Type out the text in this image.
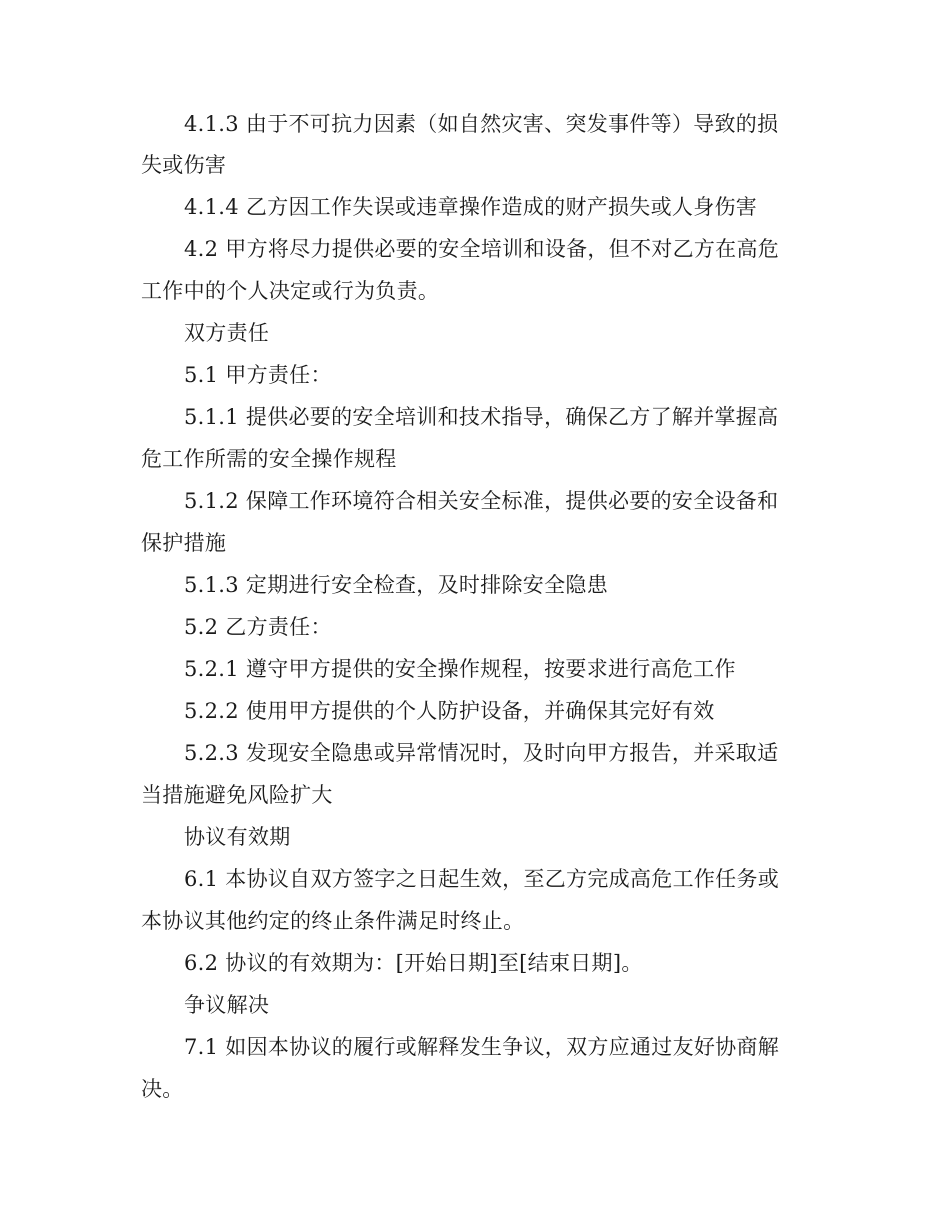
4.1.3 由于不可抗力因素（如自然灾害、突发事件等）导致的损
失或伤害
4.1.4 乙方因工作失误或违章操作造成的财产损失或人身伤害
4.2 甲方将尽力提供必要的安全培训和设备，但不对乙方在高危
工作中的个人决定或行为负责。
双方责任
5.1 甲方责任：
5.1.1 提供必要的安全培训和技术指导，确保乙方了解并掌握高
危工作所需的安全操作规程
5.1.2 保障工作环境符合相关安全标准，提供必要的安全设备和
保护措施
5.1.3 定期进行安全检查，及时排除安全隐患
5.2 乙方责任：
5.2.1 遵守甲方提供的安全操作规程，按要求进行高危工作
5.2.2 使用甲方提供的个人防护设备，并确保其完好有效
5.2.3 发现安全隐患或异常情况时，及时向甲方报告，并采取适
当措施避免风险扩大
协议有效期
6.1 本协议自双方签字之日起生效，至乙方完成高危工作任务或
本协议其他约定的终止条件满足时终止。
6.2 协议的有效期为：[开始日期]至[结束日期]。
争议解决
7.1 如因本协议的履行或解释发生争议，双方应通过友好协商解
决。
